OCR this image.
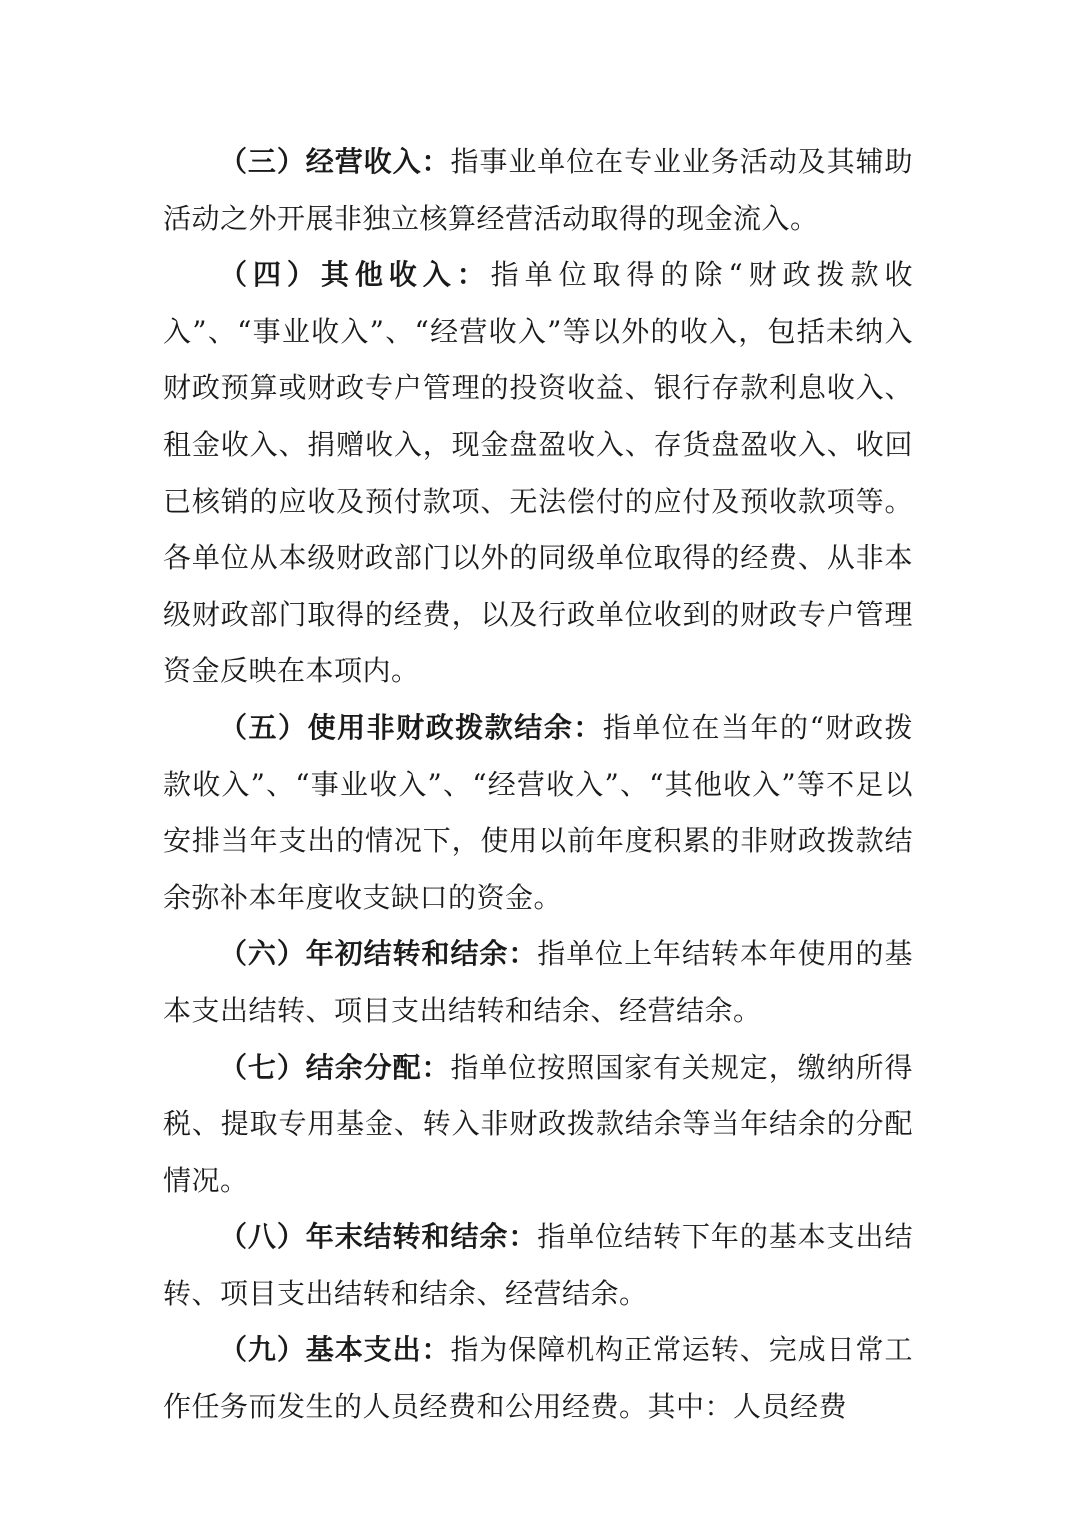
（三）经营收入：指事业单位在专业业务活动及其辅助活动之外开展非独立核算经营活动取得的现金流入。

（四）其他收入：指单位取得的除“财政拨款收入”、“事业收入”、“经营收入”等以外的收入，包括未纳入财政预算或财政专户管理的投资收益、银行存款利息收入、租金收入、捐赠收入，现金盘盈收入、存货盘盈收入、收回已核销的应收及预付款项、无法偿付的应付及预收款项等。各单位从本级财政部门以外的同级单位取得的经费、从非本级财政部门取得的经费，以及行政单位收到的财政专户管理资金反映在本项内。

（五）使用非财政拨款结余：指单位在当年的“财政拨款收入”、“事业收入”、“经营收入”、“其他收入”等不足以安排当年支出的情况下，使用以前年度积累的非财政拨款结余弥补本年度收支缺口的资金。

（六）年初结转和结余：指单位上年结转本年使用的基本支出结转、项目支出结转和结余、经营结余。

（七）结余分配：指单位按照国家有关规定，缴纳所得税、提取专用基金、转入非财政拨款结余等当年结余的分配情况。

（八）年末结转和结余：指单位结转下年的基本支出结转、项目支出结转和结余、经营结余。

（九）基本支出：指为保障机构正常运转、完成日常工作任务而发生的人员经费和公用经费。其中：人员经费
